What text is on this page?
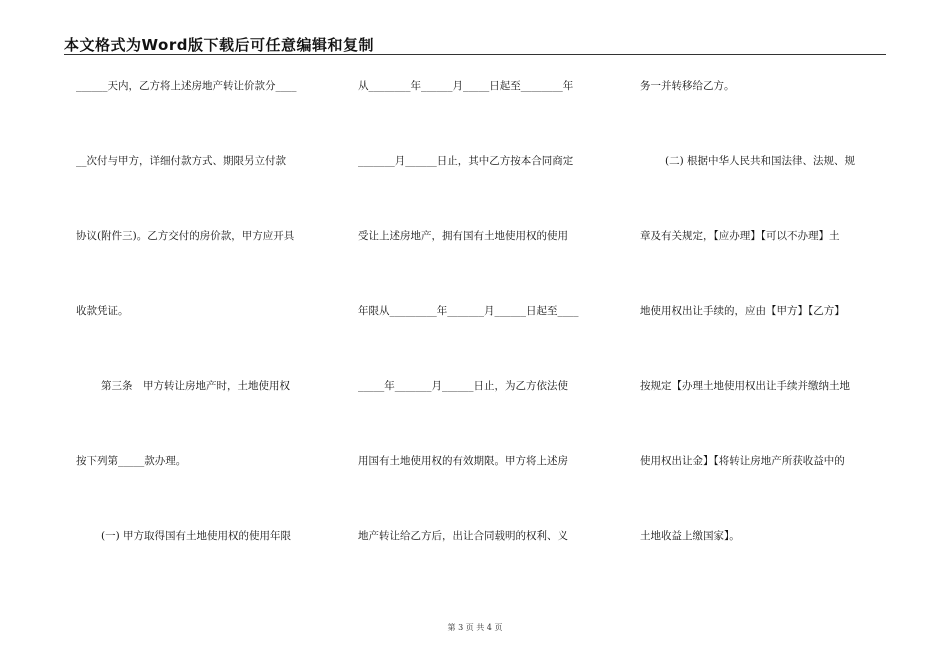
本文格式为Word版下载后可任意编辑和复制
______天内，乙方将上述房地产转让价款分____
__次付与甲方，详细付款方式、期限另立付款
协议(附件三)。乙方交付的房价款，甲方应开具
收款凭证。
第三条　甲方转让房地产时，土地使用权
按下列第_____款办理。
(一) 甲方取得国有土地使用权的使用年限
从________年______月_____日起至________年
_______月______日止，其中乙方按本合同商定
受让上述房地产，拥有国有土地使用权的使用
年限从_________年_______月______日起至____
_____年_______月______日止，为乙方依法使
用国有土地使用权的有效期限。甲方将上述房
地产转让给乙方后，出让合同载明的权利、义
务一并转移给乙方。
(二) 根据中华人民共和国法律、法规、规
章及有关规定，【应办理】【可以不办理】土
地使用权出让手续的，应由【甲方】【乙方】
按规定【办理土地使用权出让手续并缴纳土地
使用权出让金】【将转让房地产所获收益中的
土地收益上缴国家】。
第 3 页 共 4 页
